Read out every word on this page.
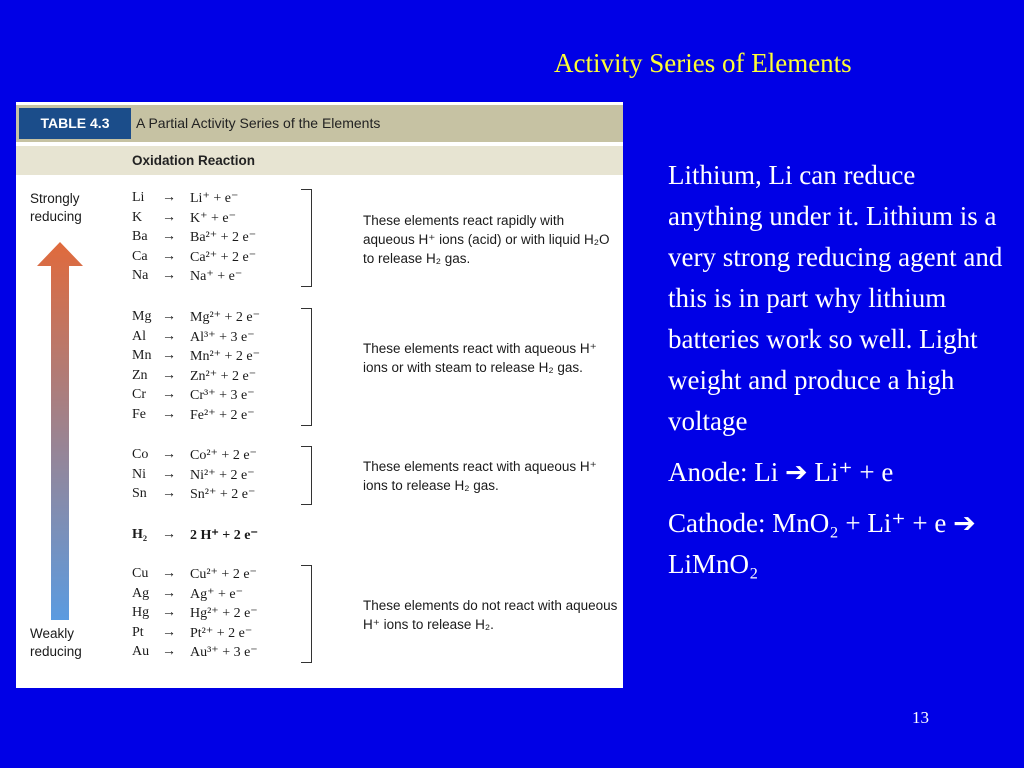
Activity Series of Elements
TABLE 4.3	A Partial Activity Series of the Elements
Oxidation Reaction
Strongly reducing
Weakly reducing
Li → Li⁺ + e⁻
K → K⁺ + e⁻
Ba → Ba²⁺ + 2 e⁻
Ca → Ca²⁺ + 2 e⁻
Na → Na⁺ + e⁻
These elements react rapidly with aqueous H⁺ ions (acid) or with liquid H₂O to release H₂ gas.
Mg → Mg²⁺ + 2 e⁻
Al → Al³⁺ + 3 e⁻
Mn → Mn²⁺ + 2 e⁻
Zn → Zn²⁺ + 2 e⁻
Cr → Cr³⁺ + 3 e⁻
Fe → Fe²⁺ + 2 e⁻
These elements react with aqueous H⁺ ions or with steam to release H₂ gas.
Co → Co²⁺ + 2 e⁻
Ni → Ni²⁺ + 2 e⁻
Sn → Sn²⁺ + 2 e⁻
These elements react with aqueous H⁺ ions to release H₂ gas.
H₂ → 2 H⁺ + 2 e⁻
Cu → Cu²⁺ + 2 e⁻
Ag → Ag⁺ + e⁻
Hg → Hg²⁺ + 2 e⁻
Pt → Pt²⁺ + 2 e⁻
Au → Au³⁺ + 3 e⁻
These elements do not react with aqueous H⁺ ions to release H₂.

Lithium, Li can reduce anything under it. Lithium is a very strong reducing agent and this is in part why lithium batteries work so well. Light weight and produce a high voltage

Anode: Li ➔ Li⁺ + e

Cathode: MnO₂ + Li⁺ + e ➔ LiMnO₂

13
